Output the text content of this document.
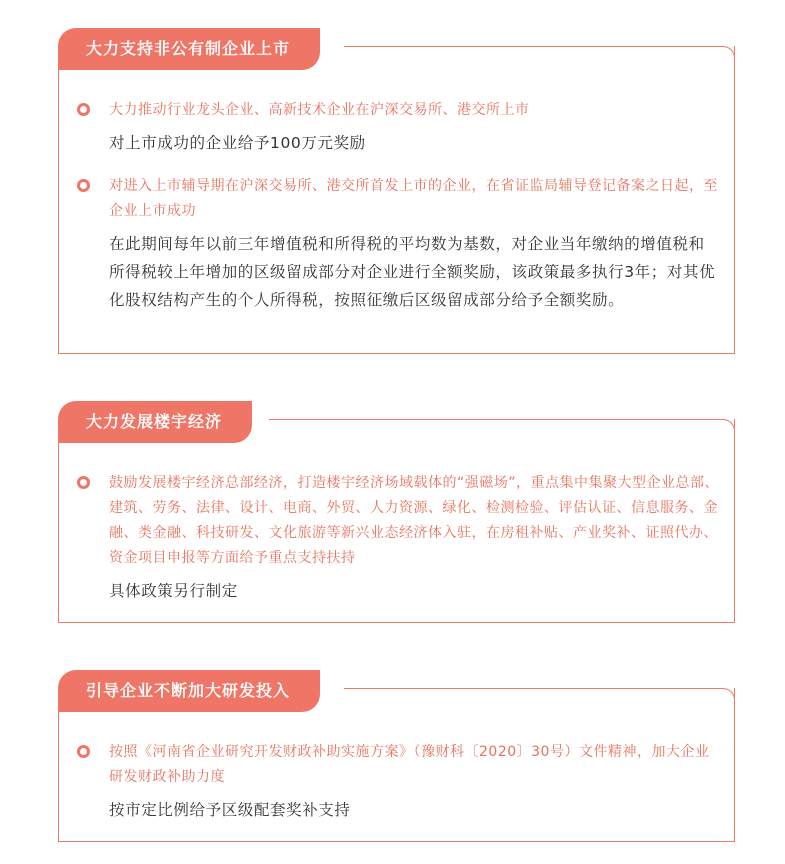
大力支持非公有制企业上市
大力推动行业龙头企业、高新技术企业在沪深交易所、港交所上市
对上市成功的企业给予100万元奖励
对进入上市辅导期在沪深交易所、港交所首发上市的企业，在省证监局辅导登记备案之日起，至企业上市成功
在此期间每年以前三年增值税和所得税的平均数为基数，对企业当年缴纳的增值税和所得税较上年增加的区级留成部分对企业进行全额奖励，该政策最多执行3年；对其优化股权结构产生的个人所得税，按照征缴后区级留成部分给予全额奖励。
大力发展楼宇经济
鼓励发展楼宇经济总部经济，打造楼宇经济场域载体的“强磁场”，重点集中集聚大型企业总部、建筑、劳务、法律、设计、电商、外贸、人力资源、绿化、检测检验、评估认证、信息服务、金融、类金融、科技研发、文化旅游等新兴业态经济体入驻，在房租补贴、产业奖补、证照代办、资金项目申报等方面给予重点支持扶持
具体政策另行制定
引导企业不断加大研发投入
按照《河南省企业研究开发财政补助实施方案》（豫财科〔2020〕30号）文件精神，加大企业研发财政补助力度
按市定比例给予区级配套奖补支持
